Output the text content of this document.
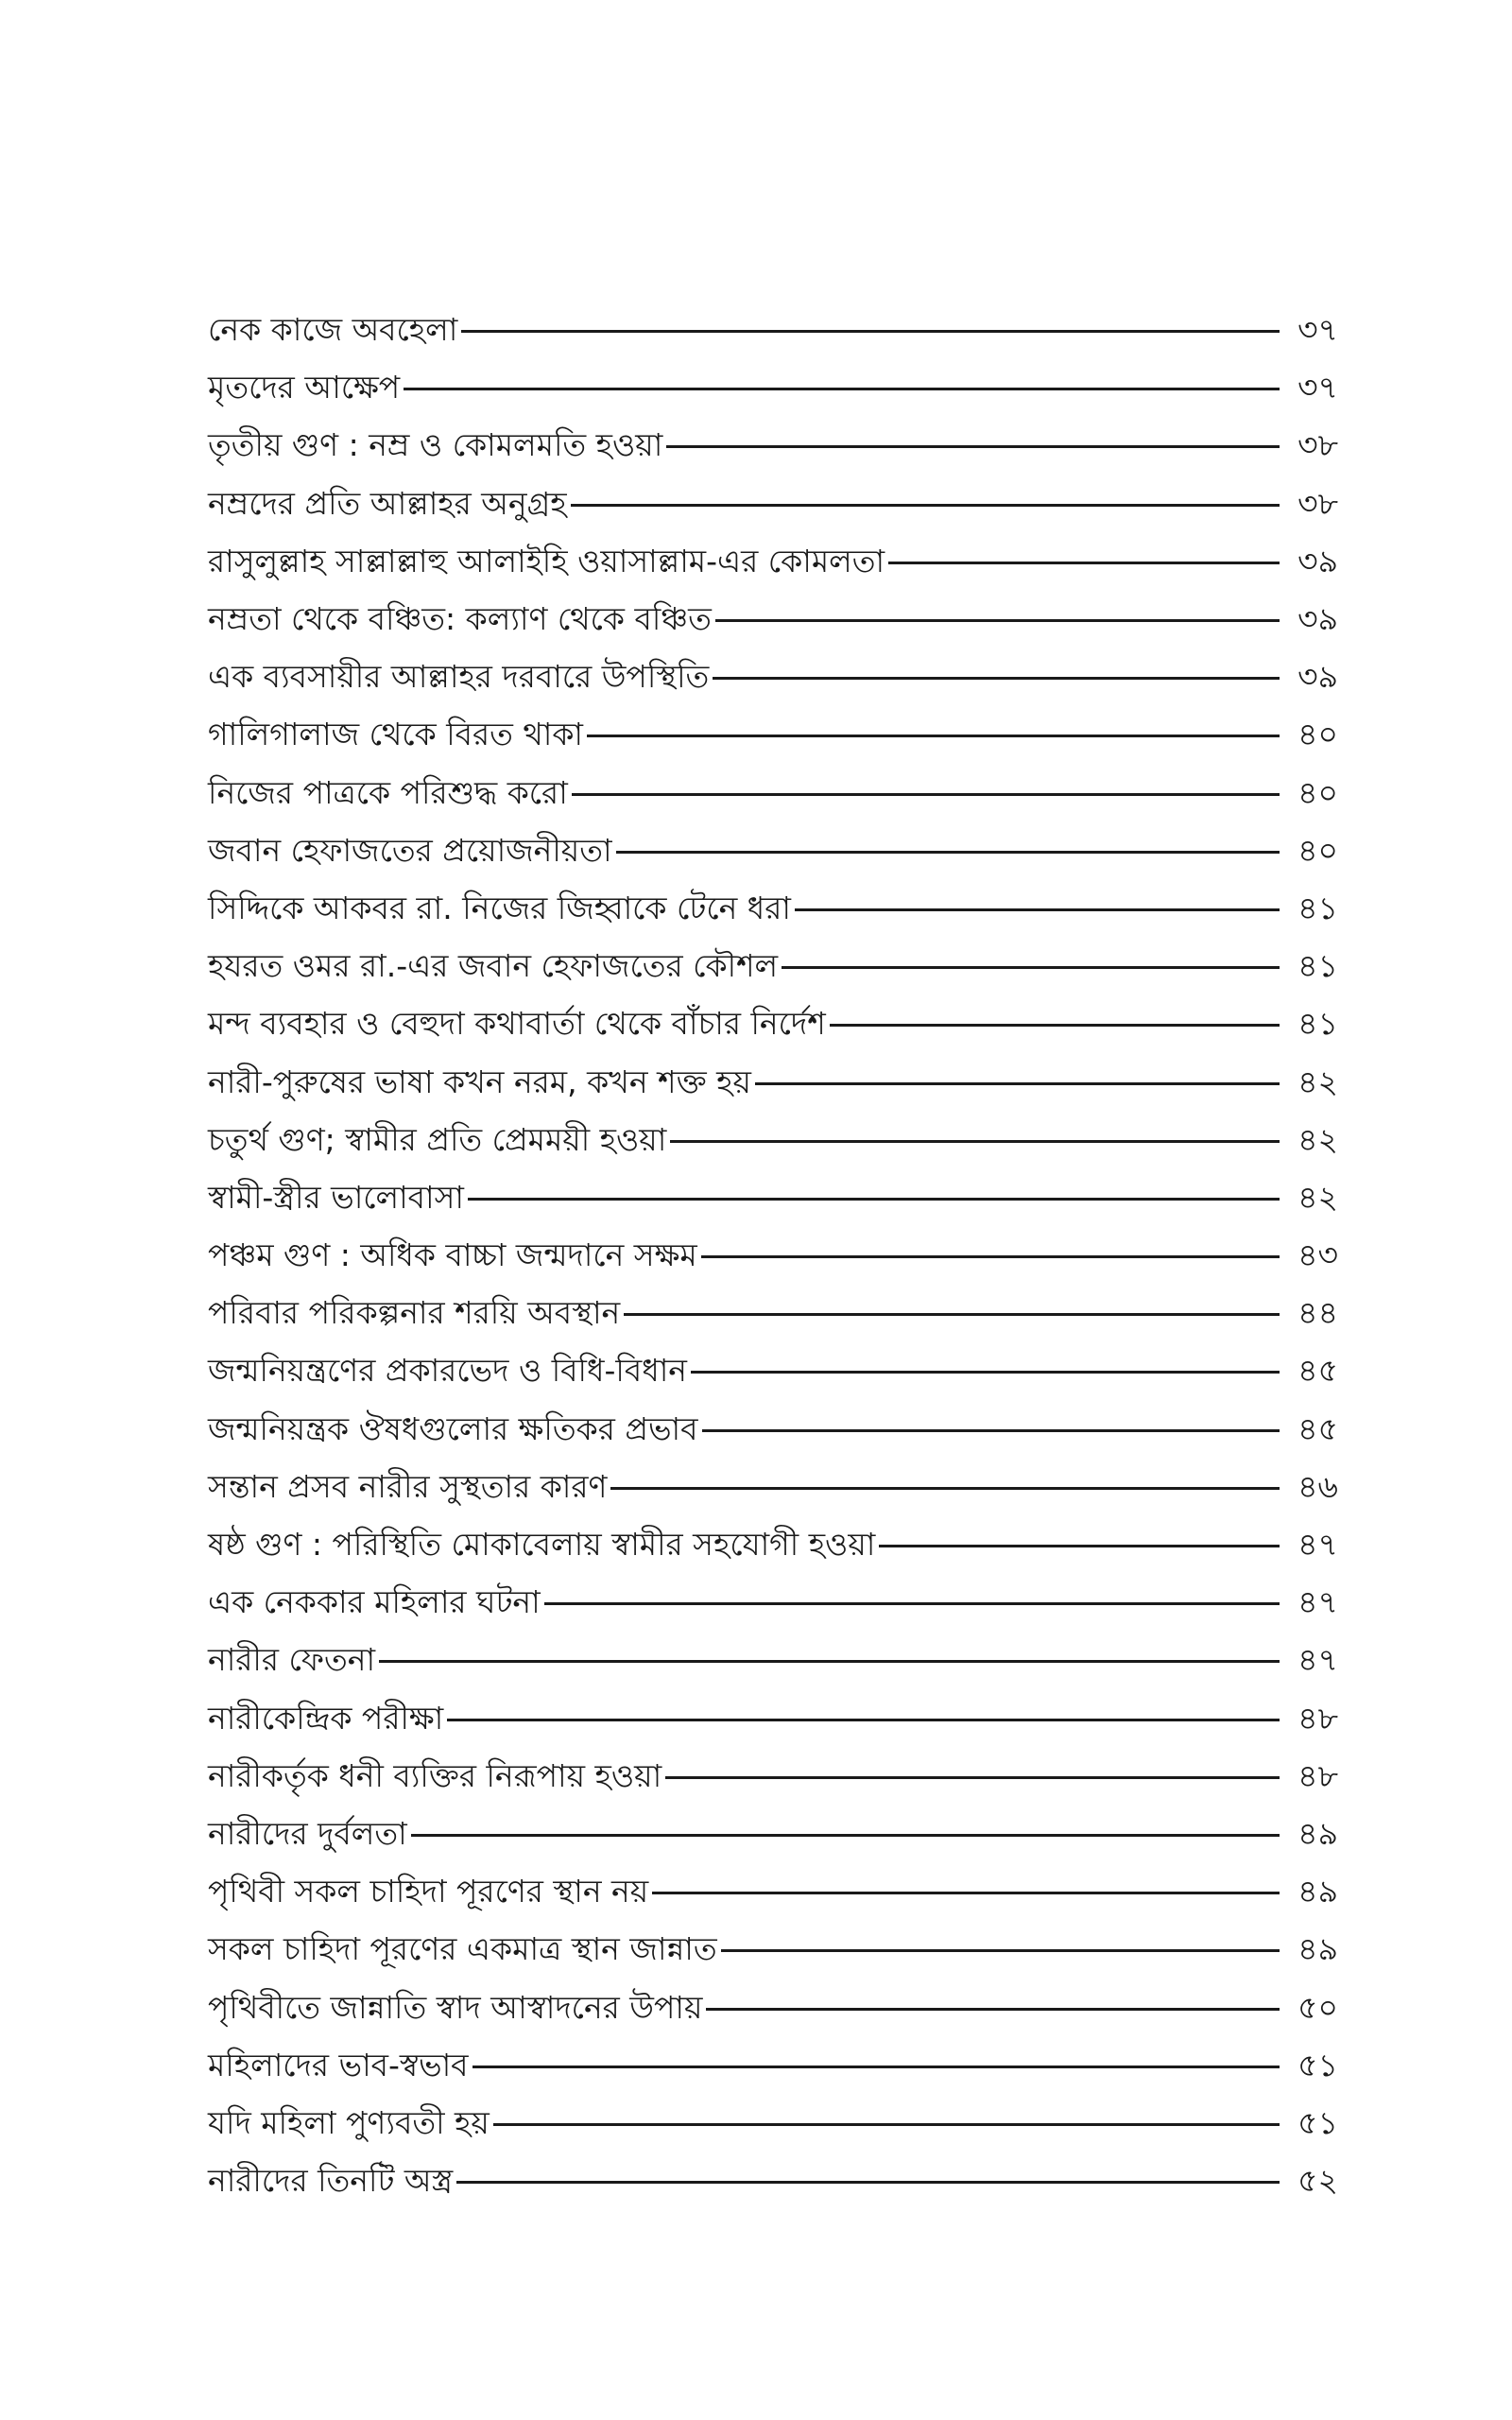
নেক কাজে অবহেলা	৩৭
মৃতদের আক্ষেপ	৩৭
তৃতীয় গুণ : নম্র ও কোমলমতি হওয়া	৩৮
নম্রদের প্রতি আল্লাহর অনুগ্রহ	৩৮
রাসুলুল্লাহ সাল্লাল্লাহু আলাইহি ওয়াসাল্লাম-এর কোমলতা	৩৯
নম্রতা থেকে বঞ্চিত: কল্যাণ থেকে বঞ্চিত	৩৯
এক ব্যবসায়ীর আল্লাহর দরবারে উপস্থিতি	৩৯
গালিগালাজ থেকে বিরত থাকা	৪০
নিজের পাত্রকে পরিশুদ্ধ করো	৪০
জবান হেফাজতের প্রয়োজনীয়তা	৪০
সিদ্দিকে আকবর রা. নিজের জিহ্বাকে টেনে ধরা	৪১
হযরত ওমর রা.-এর জবান হেফাজতের কৌশল	৪১
মন্দ ব্যবহার ও বেহুদা কথাবার্তা থেকে বাঁচার নির্দেশ	৪১
নারী-পুরুষের ভাষা কখন নরম, কখন শক্ত হয়	৪২
চতুর্থ গুণ; স্বামীর প্রতি প্রেমময়ী হওয়া	৪২
স্বামী-স্ত্রীর ভালোবাসা	৪২
পঞ্চম গুণ : অধিক বাচ্চা জন্মদানে সক্ষম	৪৩
পরিবার পরিকল্পনার শরয়ি অবস্থান	৪৪
জন্মনিয়ন্ত্রণের প্রকারভেদ ও বিধি-বিধান	৪৫
জন্মনিয়ন্ত্রক ঔষধগুলোর ক্ষতিকর প্রভাব	৪৫
সন্তান প্রসব নারীর সুস্থতার কারণ	৪৬
ষষ্ঠ গুণ : পরিস্থিতি মোকাবেলায় স্বামীর সহযোগী হওয়া	৪৭
এক নেককার মহিলার ঘটনা	৪৭
নারীর ফেতনা	৪৭
নারীকেন্দ্রিক পরীক্ষা	৪৮
নারীকর্তৃক ধনী ব্যক্তির নিরূপায় হওয়া	৪৮
নারীদের দুর্বলতা	৪৯
পৃথিবী সকল চাহিদা পূরণের স্থান নয়	৪৯
সকল চাহিদা পূরণের একমাত্র স্থান জান্নাত	৪৯
পৃথিবীতে জান্নাতি স্বাদ আস্বাদনের উপায়	৫০
মহিলাদের ভাব-স্বভাব	৫১
যদি মহিলা পুণ্যবতী হয়	৫১
নারীদের তিনটি অস্ত্র	৫২
